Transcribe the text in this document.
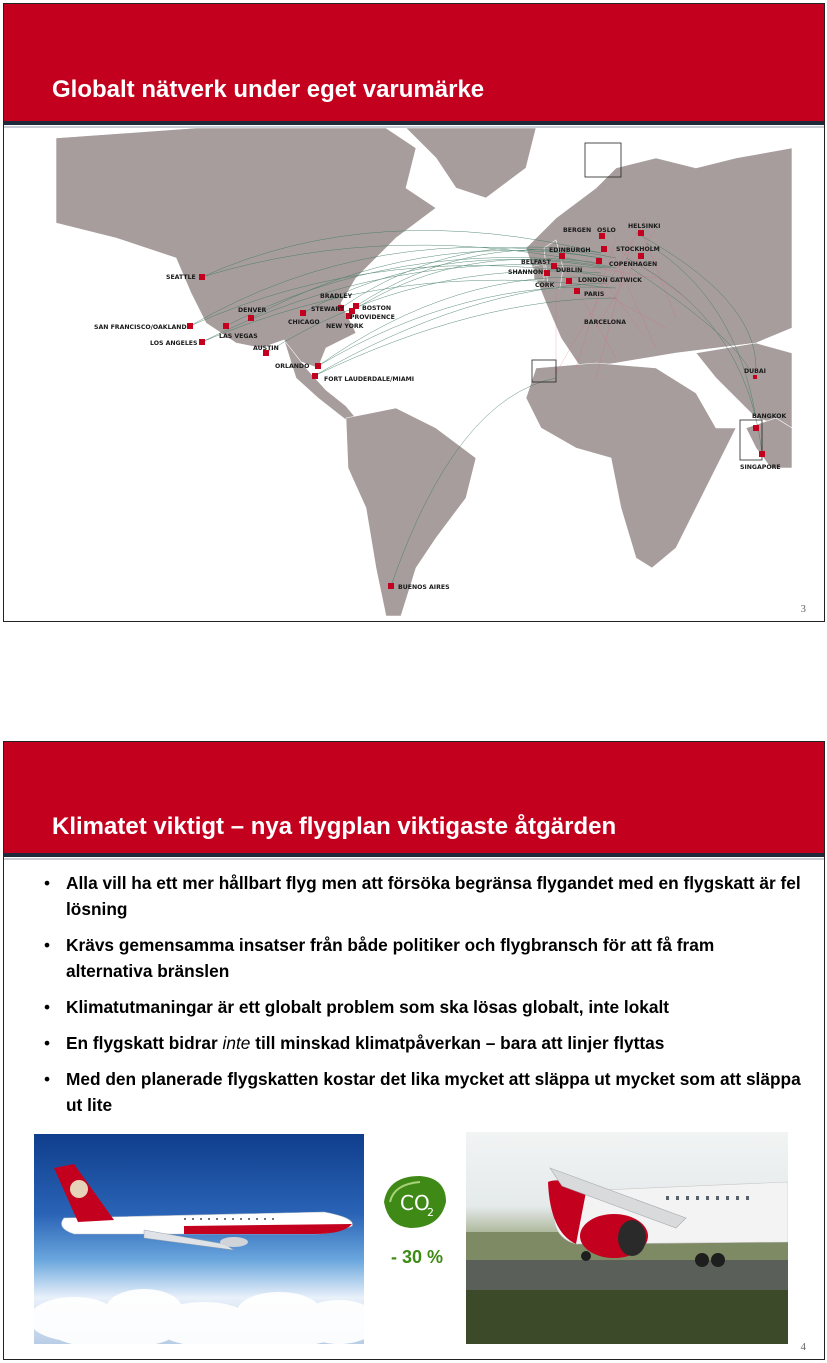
Globalt nätverk under eget varumärke
SEATTLE
SAN FRANCISCO/OAKLAND
LOS ANGELES
LAS VEGAS
DENVER
AUSTIN
CHICAGO
STEWART
BRADLEY
BOSTON
PROVIDENCE
NEW YORK
ORLANDO
FORT LAUDERDALE/MIAMI
BUENOS AIRES
BERGEN OSLO
HELSINKI
STOCKHOLM
EDINBURGH
COPENHAGEN
BELFAST
DUBLIN
SHANNON
LONDON GATWICK
CORK
PARIS
BARCELONA
DUBAI
BANGKOK
SINGAPORE
3
Klimatet viktigt – nya flygplan viktigaste åtgärden
• Alla vill ha ett mer hållbart flyg men att försöka begränsa flygandet med en flygskatt är fel lösning
• Krävs gemensamma insatser från både politiker och flygbransch för att få fram alternativa bränslen
• Klimatutmaningar är ett globalt problem som ska lösas globalt, inte lokalt
• En flygskatt bidrar inte till minskad klimatpåverkan – bara att linjer flyttas
• Med den planerade flygskatten kostar det lika mycket att släppa ut mycket som att släppa ut lite
CO
2
- 30 %
4
